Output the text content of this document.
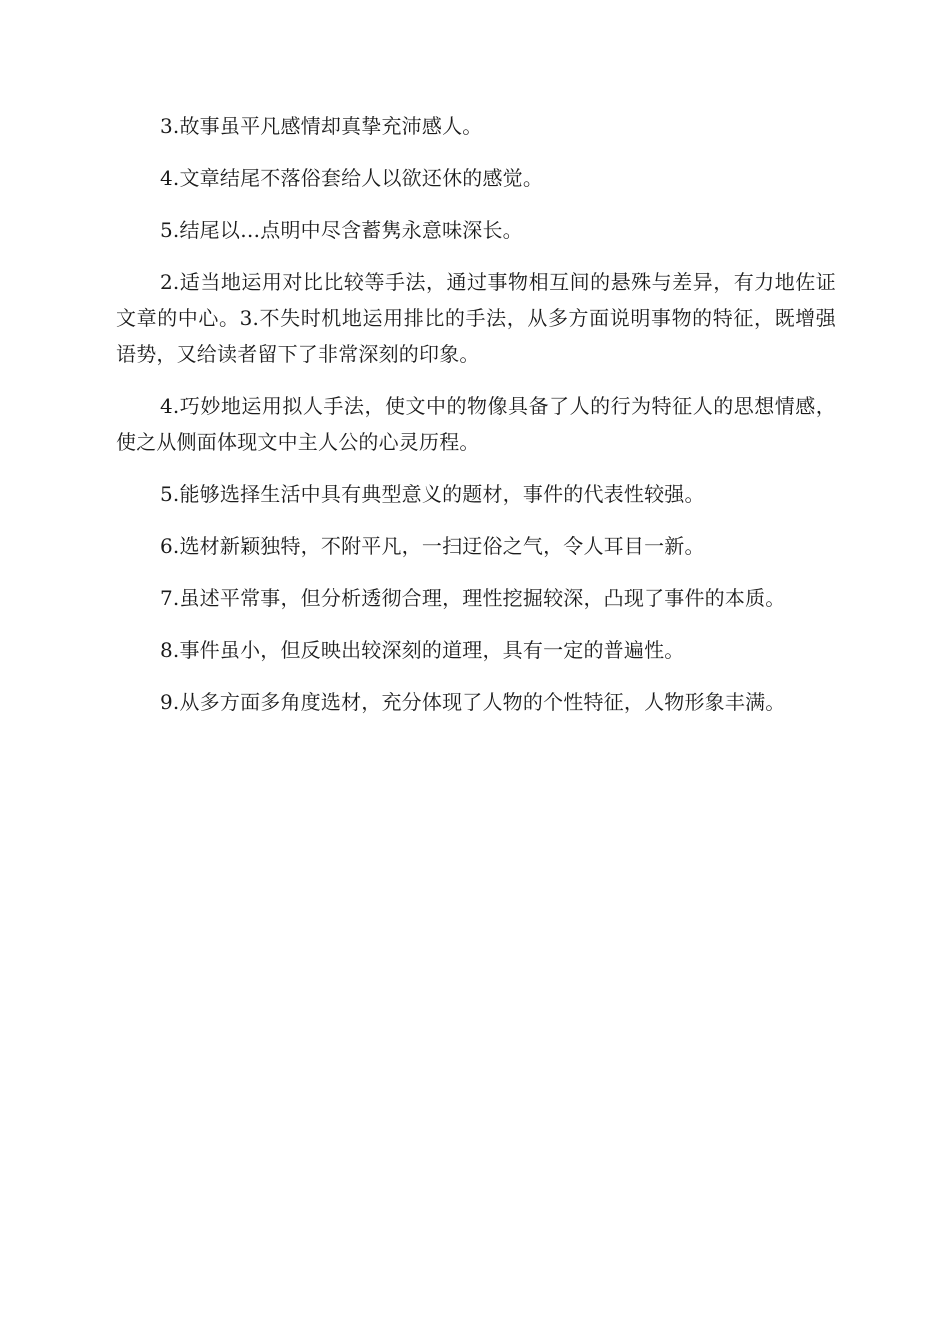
3.故事虽平凡感情却真挚充沛感人。

4.文章结尾不落俗套给人以欲还休的感觉。

5.结尾以…点明中尽含蓄隽永意味深长。

2.适当地运用对比比较等手法，通过事物相互间的悬殊与差异，有力地佐证文章的中心。3.不失时机地运用排比的手法，从多方面说明事物的特征，既增强语势，又给读者留下了非常深刻的印象。

4.巧妙地运用拟人手法，使文中的物像具备了人的行为特征人的思想情感，使之从侧面体现文中主人公的心灵历程。

5.能够选择生活中具有典型意义的题材，事件的代表性较强。

6.选材新颖独特，不附平凡，一扫迂俗之气，令人耳目一新。

7.虽述平常事，但分析透彻合理，理性挖掘较深，凸现了事件的本质。

8.事件虽小，但反映出较深刻的道理，具有一定的普遍性。

9.从多方面多角度选材，充分体现了人物的个性特征，人物形象丰满。
